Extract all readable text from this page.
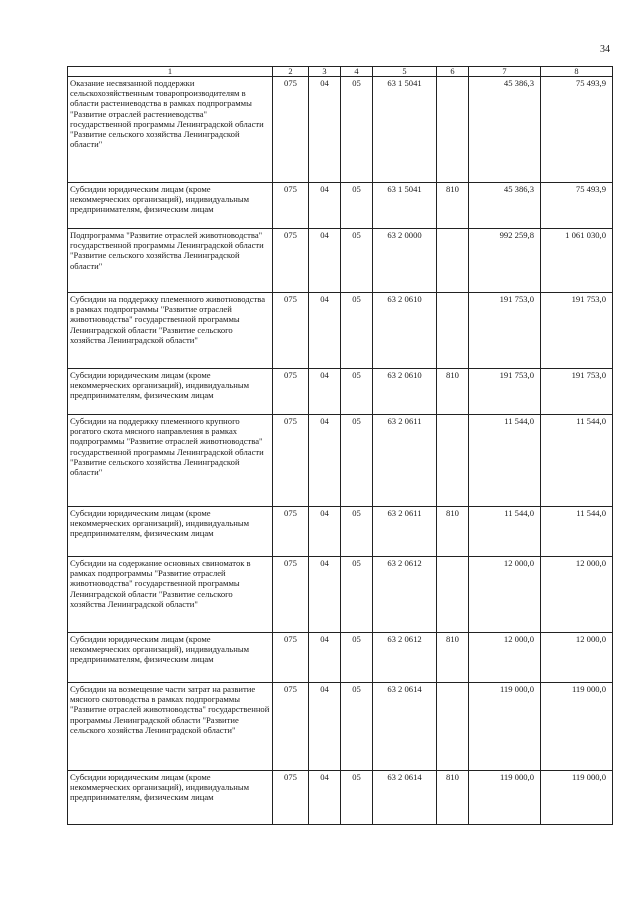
34
1	2	3	4	5	6	7	8
Оказание несвязанной поддержки сельскохозяйственным товаропроизводителям в области растениеводства в рамках подпрограммы "Развитие отраслей растениеводства" государственной программы Ленинградской области "Развитие сельского хозяйства Ленинградской области"	075	04	05	63 1 5041		45 386,3	75 493,9
Субсидии юридическим лицам (кроме некоммерческих организаций), индивидуальным предпринимателям, физическим лицам	075	04	05	63 1 5041	810	45 386,3	75 493,9
Подпрограмма "Развитие отраслей животноводства" государственной программы Ленинградской области "Развитие сельского хозяйства Ленинградской области"	075	04	05	63 2 0000		992 259,8	1 061 030,0
Субсидии на поддержку племенного животноводства в рамках подпрограммы "Развитие отраслей животноводства" государственной программы Ленинградской области "Развитие сельского хозяйства Ленинградской области"	075	04	05	63 2 0610		191 753,0	191 753,0
Субсидии юридическим лицам (кроме некоммерческих организаций), индивидуальным предпринимателям, физическим лицам	075	04	05	63 2 0610	810	191 753,0	191 753,0
Субсидии на поддержку племенного крупного рогатого скота мясного направления в рамках подпрограммы "Развитие отраслей животноводства" государственной программы Ленинградской области "Развитие сельского хозяйства Ленинградской области"	075	04	05	63 2 0611		11 544,0	11 544,0
Субсидии юридическим лицам (кроме некоммерческих организаций), индивидуальным предпринимателям, физическим лицам	075	04	05	63 2 0611	810	11 544,0	11 544,0
Субсидии на содержание основных свиноматок в рамках подпрограммы "Развитие отраслей животноводства" государственной программы Ленинградской области "Развитие сельского хозяйства Ленинградской области"	075	04	05	63 2 0612		12 000,0	12 000,0
Субсидии юридическим лицам (кроме некоммерческих организаций), индивидуальным предпринимателям, физическим лицам	075	04	05	63 2 0612	810	12 000,0	12 000,0
Субсидии на возмещение части затрат на развитие мясного скотоводства в рамках подпрограммы "Развитие отраслей животноводства" государственной программы Ленинградской области "Развитие сельского хозяйства Ленинградской области"	075	04	05	63 2 0614		119 000,0	119 000,0
Субсидии юридическим лицам (кроме некоммерческих организаций), индивидуальным предпринимателям, физическим лицам	075	04	05	63 2 0614	810	119 000,0	119 000,0
